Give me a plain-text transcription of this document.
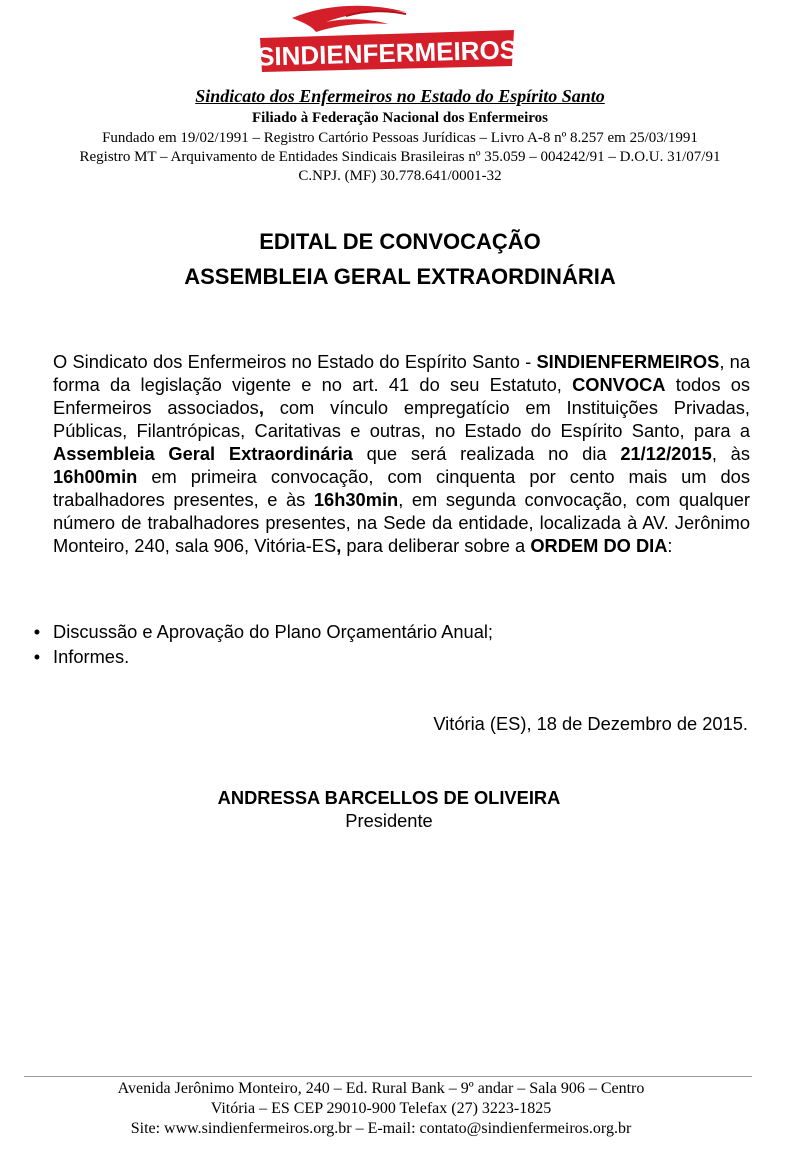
SINDIENFERMEIROS
Sindicato dos Enfermeiros no Estado do Espírito Santo
Filiado à Federação Nacional dos Enfermeiros
Fundado em 19/02/1991 – Registro Cartório Pessoas Jurídicas – Livro A-8 nº 8.257 em 25/03/1991
Registro MT – Arquivamento de Entidades Sindicais Brasileiras nº 35.059 – 004242/91 – D.O.U. 31/07/91
C.NPJ. (MF) 30.778.641/0001-32
EDITAL DE CONVOCAÇÃO
ASSEMBLEIA GERAL EXTRAORDINÁRIA
O Sindicato dos Enfermeiros no Estado do Espírito Santo - SINDIENFERMEIROS, na forma da legislação vigente e no art. 41 do seu Estatuto, CONVOCA todos os Enfermeiros associados, com vínculo empregatício em Instituições Privadas, Públicas, Filantrópicas, Caritativas e outras, no Estado do Espírito Santo, para a Assembleia Geral Extraordinária que será realizada no dia 21/12/2015, às 16h00min em primeira convocação, com cinquenta por cento mais um dos trabalhadores presentes, e às 16h30min, em segunda convocação, com qualquer número de trabalhadores presentes, na Sede da entidade, localizada à AV. Jerônimo Monteiro, 240, sala 906, Vitória-ES, para deliberar sobre a ORDEM DO DIA:
• Discussão e Aprovação do Plano Orçamentário Anual;
• Informes.
Vitória (ES), 18 de Dezembro de 2015.
ANDRESSA BARCELLOS DE OLIVEIRA
Presidente
Avenida Jerônimo Monteiro, 240 – Ed. Rural Bank – 9º andar – Sala 906 – Centro
Vitória – ES CEP 29010-900 Telefax (27) 3223-1825
Site: www.sindienfermeiros.org.br – E-mail: contato@sindienfermeiros.org.br
